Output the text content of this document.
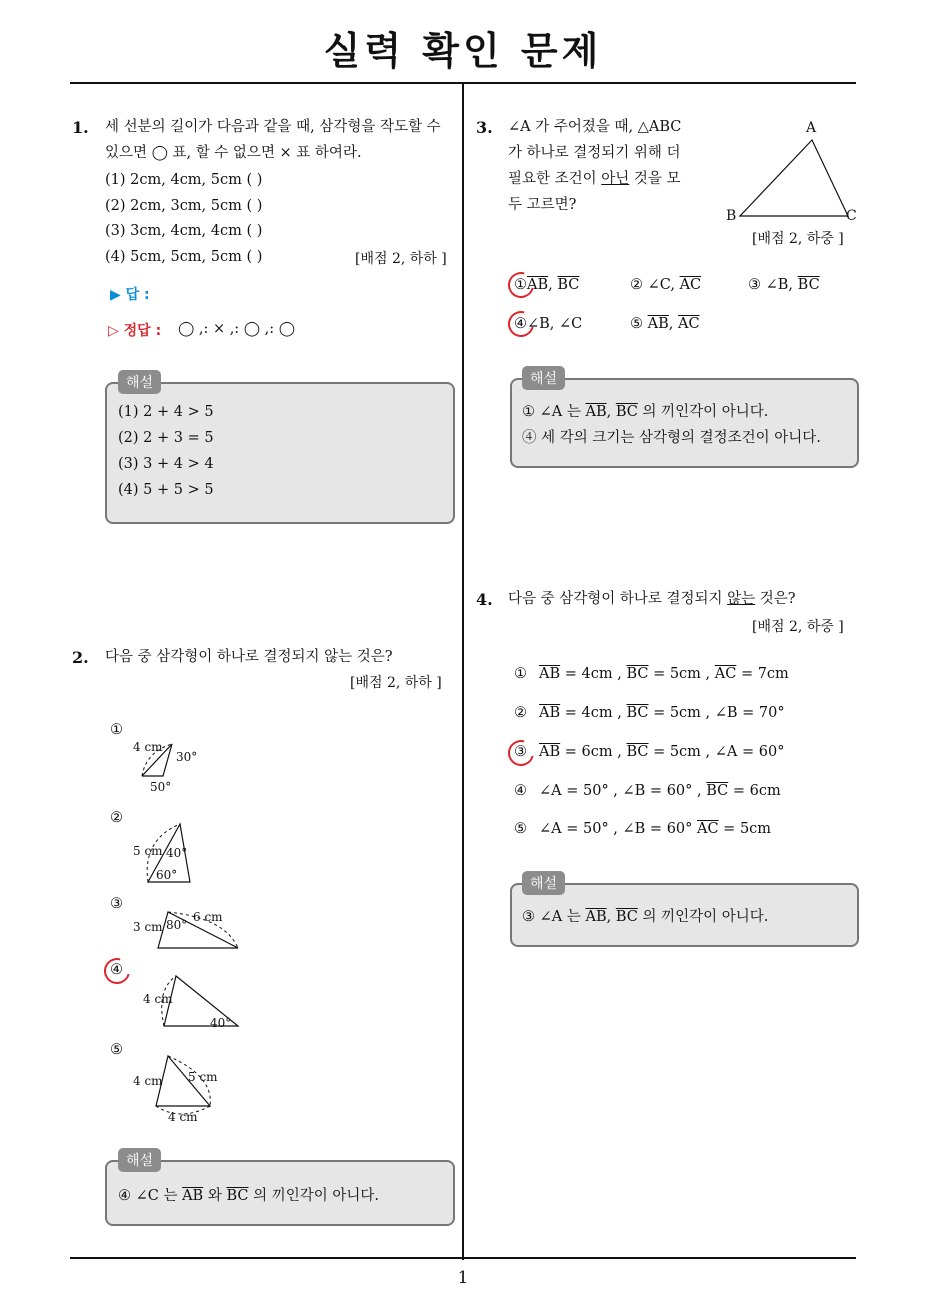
실력 확인 문제
1
1. 세 선분의 길이가 다음과 같을 때, 삼각형을 작도할 수
있으면 ◯ 표, 할 수 없으면 × 표 하여라.
(1) 2cm, 4cm, 5cm ( )
(2) 2cm, 3cm, 5cm ( )
(3) 3cm, 4cm, 4cm ( )
(4) 5cm, 5cm, 5cm ( )	[배점 2, 하하 ]
▶ 답 :
▷ 정답 : ◯ ,: × ,: ◯ ,: ◯
해설
(1) 2 + 4 > 5
(2) 2 + 3 = 5
(3) 3 + 4 > 4
(4) 5 + 5 > 5
2. 다음 중 삼각형이 하나로 결정되지 않는 것은?
[배점 2, 하하 ]
①
②
③
④
⑤
4 cm
30°
50°
5 cm 40°
60°
3 cm 80°
6 cm
4 cm
40°
4 cm 5 cm
4 cm
해설
④ ∠C 는 $\overline{AB}$ 와 $\overline{BC}$ 의 끼인각이 아니다.
3. ∠A 가 주어졌을 때, △ABC
가 하나로 결정되기 위해 더
필요한 조건이 아닌 것을 모
두 고르면?
A
B	C
[배점 2, 하중 ]
$①\overline{AB}$, $\overline{BC}$	② ∠C, $\overline{AC}$	③ ∠B, $\overline{BC}$
④∠B, ∠C	⑤ $\overline{AB}$, $\overline{AC}$
해설
① ∠A 는 $\overline{AB}$, $\overline{BC}$ 의 끼인각이 아니다.
④ 세 각의 크기는 삼각형의 결정조건이 아니다.
4. 다음 중 삼각형이 하나로 결정되지 않는 것은?
[배점 2, 하중 ]
① $\overline{AB} = 4cm$ , $\overline{BC} = 5cm$ , $\overline{AC} = 7cm$
② $\overline{AB} = 4cm$ , $\overline{BC} = 5cm$ , ∠B = 70°
③ $\overline{AB} = 6cm$ , $\overline{BC} = 5cm$ , ∠A = 60°
④ ∠A = 50° , ∠B = 60° , $\overline{BC} = 6cm$
⑤ ∠A = 50° , ∠B = 60° $\overline{AC} = 5cm$
해설
③ ∠A 는 $\overline{AB}$, $\overline{BC}$ 의 끼인각이 아니다.
